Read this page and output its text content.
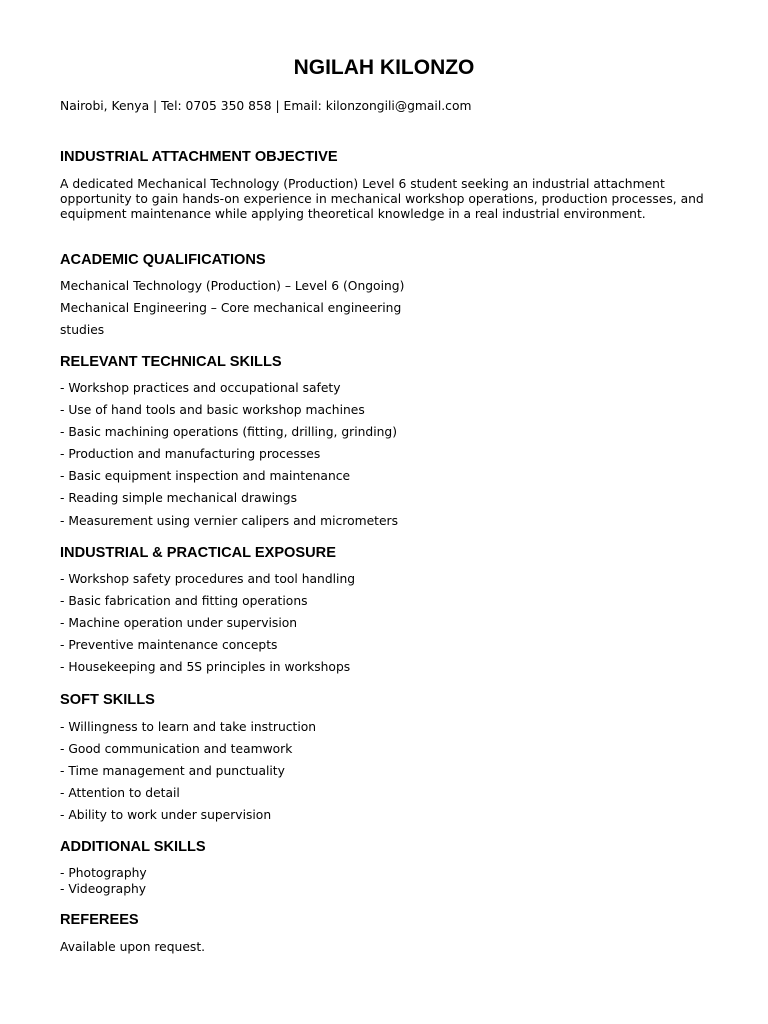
NGILAH KILONZO

Nairobi, Kenya | Tel: 0705 350 858 | Email: kilonzongili@gmail.com

INDUSTRIAL ATTACHMENT OBJECTIVE

A dedicated Mechanical Technology (Production) Level 6 student seeking an industrial attachment opportunity to gain hands-on experience in mechanical workshop operations, production processes, and equipment maintenance while applying theoretical knowledge in a real industrial environment.

ACADEMIC QUALIFICATIONS
Mechanical Technology (Production) – Level 6 (Ongoing)
Mechanical Engineering – Core mechanical engineering
studies
RELEVANT TECHNICAL SKILLS
- Workshop practices and occupational safety
- Use of hand tools and basic workshop machines
- Basic machining operations (fitting, drilling, grinding)
- Production and manufacturing processes
- Basic equipment inspection and maintenance
- Reading simple mechanical drawings
- Measurement using vernier calipers and micrometers
INDUSTRIAL & PRACTICAL EXPOSURE
- Workshop safety procedures and tool handling
- Basic fabrication and fitting operations
- Machine operation under supervision
- Preventive maintenance concepts
- Housekeeping and 5S principles in workshops
SOFT SKILLS
- Willingness to learn and take instruction
- Good communication and teamwork
- Time management and punctuality
- Attention to detail
- Ability to work under supervision
ADDITIONAL SKILLS
- Photography
- Videography
REFEREES

Available upon request.
